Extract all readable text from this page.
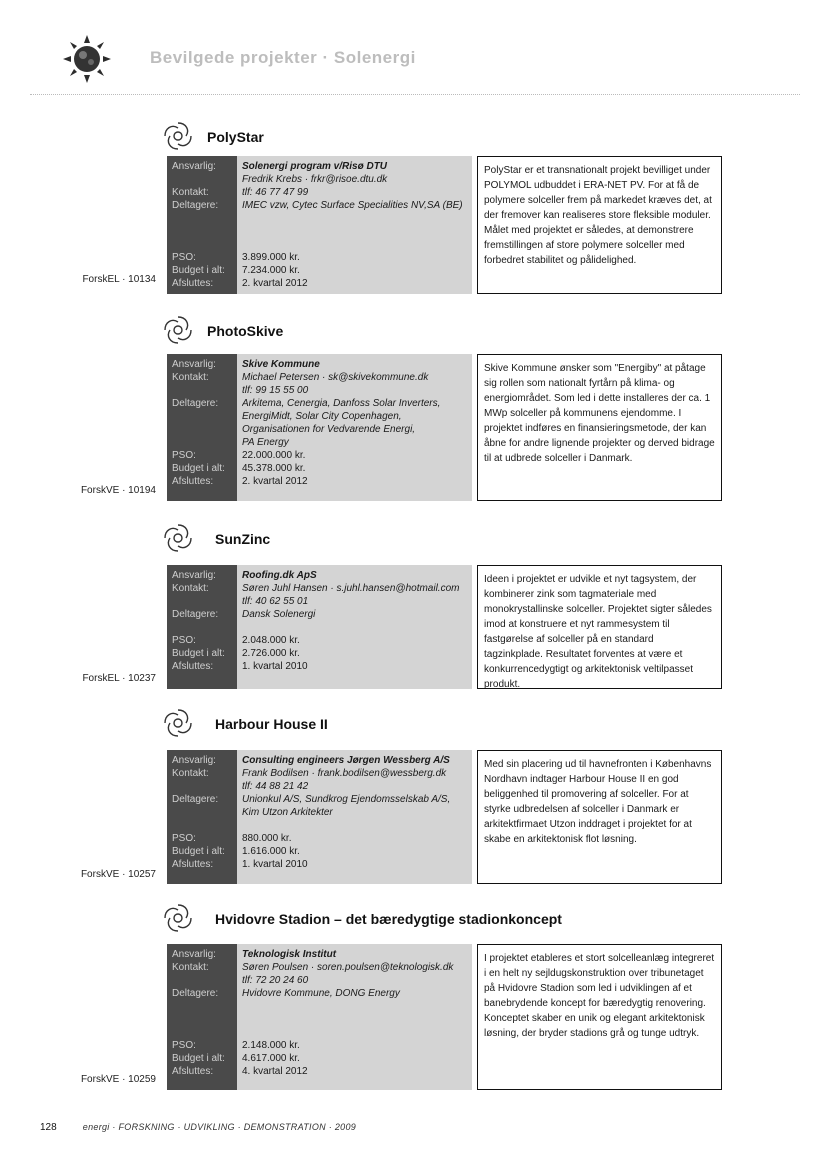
Bevilgede projekter · Solenergi
PolyStar
Ansvarlig:
Kontakt:
Deltagere:
PSO:
Budget i alt:
Afsluttes:
Solenergi program v/Risø DTU
Fredrik Krebs · frkr@risoe.dtu.dk
tlf: 46 77 47 99
IMEC vzw, Cytec Surface Specialities NV,SA (BE)
3.899.000 kr.
7.234.000 kr.
2. kvartal 2012
PolyStar er et transnationalt projekt bevilliget under POLYMOL udbuddet i ERA-NET PV. For at få de polymere solceller frem på markedet kræves det, at der fremover kan realiseres store fleksible moduler. Målet med projektet er således, at demonstrere fremstillingen af store polymere solceller med forbedret stabilitet og pålidelighed.
ForskEL · 10134
PhotoSkive
Ansvarlig:
Kontakt:
Deltagere:
PSO:
Budget i alt:
Afsluttes:
Skive Kommune
Michael Petersen · sk@skivekommune.dk
tlf: 99 15 55 00
Arkitema, Cenergia, Danfoss Solar Inverters,
EnergiMidt, Solar City Copenhagen,
Organisationen for Vedvarende Energi,
PA Energy
22.000.000 kr.
45.378.000 kr.
2. kvartal 2012
Skive Kommune ønsker som "Energiby" at påtage sig rollen som nationalt fyrtårn på klima- og energiområdet. Som led i dette installeres der ca. 1 MWp solceller på kommunens ejendomme. I projektet indføres en finansieringsmetode, der kan åbne for andre lignende projekter og derved bidrage til at udbrede solceller i Danmark.
ForskVE · 10194
SunZinc
Ansvarlig:
Kontakt:
Deltagere:
PSO:
Budget i alt:
Afsluttes:
Roofing.dk ApS
Søren Juhl Hansen · s.juhl.hansen@hotmail.com
tlf: 40 62 55 01
Dansk Solenergi
2.048.000 kr.
2.726.000 kr.
1. kvartal 2010
Ideen i projektet er udvikle et nyt tagsystem, der kombinerer zink som tagmateriale med monokrystallinske solceller. Projektet sigter således imod at konstruere et nyt rammesystem til fastgørelse af solceller på en standard tagzinkplade. Resultatet forventes at være et konkurrencedygtigt og arkitektonisk veltilpasset produkt.
ForskEL · 10237
Harbour House II
Ansvarlig:
Kontakt:
Deltagere:
PSO:
Budget i alt:
Afsluttes:
Consulting engineers Jørgen Wessberg A/S
Frank Bodilsen · frank.bodilsen@wessberg.dk
tlf: 44 88 21 42
Unionkul A/S, Sundkrog Ejendomsselskab A/S,
Kim Utzon Arkitekter
880.000 kr.
1.616.000 kr.
1. kvartal 2010
Med sin placering ud til havnefronten i Københavns Nordhavn indtager Harbour House II en god beliggenhed til promovering af solceller. For at styrke udbredelsen af solceller i Danmark er arkitektfirmaet Utzon inddraget i projektet for at skabe en arkitektonisk flot løsning.
ForskVE · 10257
Hvidovre Stadion – det bæredygtige stadionkoncept
Ansvarlig:
Kontakt:
Deltagere:
PSO:
Budget i alt:
Afsluttes:
Teknologisk Institut
Søren Poulsen · soren.poulsen@teknologisk.dk
tlf: 72 20 24 60
Hvidovre Kommune, DONG Energy
2.148.000 kr.
4.617.000 kr.
4. kvartal 2012
I projektet etableres et stort solcelleanlæg integreret i en helt ny sejldugskonstruktion over tribunetaget på Hvidovre Stadion som led i udviklingen af et banebrydende koncept for bæredygtig renovering. Konceptet skaber en unik og elegant arkitektonisk løsning, der bryder stadions grå og tunge udtryk.
ForskVE · 10259
128	energi · FORSKNING · UDVIKLING · DEMONSTRATION · 2009
